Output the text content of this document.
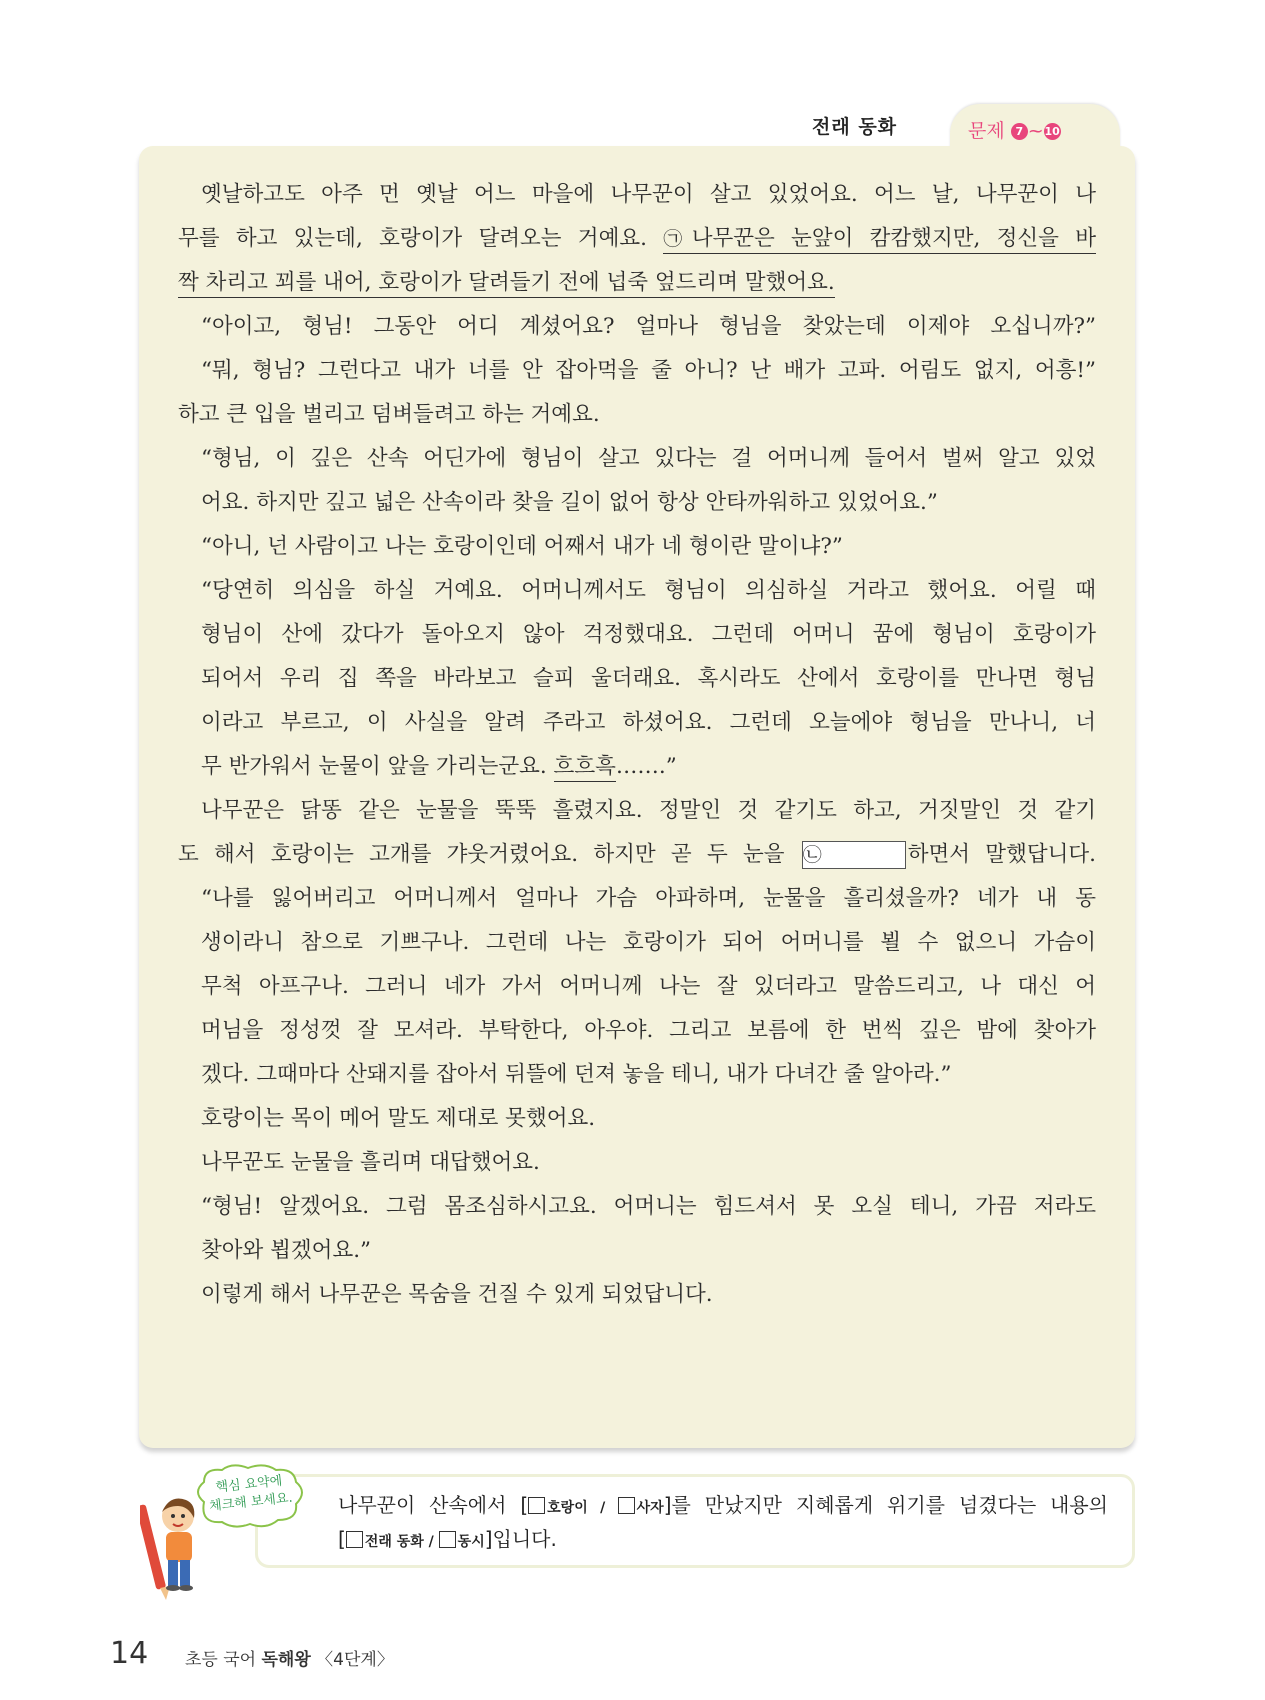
전래 동화	문제 7 ~10
옛날하고도 아주 먼 옛날 어느 마을에 나무꾼이 살고 있었어요. 어느 날, 나무꾼이 나
무를 하고 있는데, 호랑이가 달려오는 거예요. ㉠나무꾼은 눈앞이 캄캄했지만, 정신을 바
짝 차리고 꾀를 내어, 호랑이가 달려들기 전에 넙죽 엎드리며 말했어요.
“아이고, 형님! 그동안 어디 계셨어요? 얼마나 형님을 찾았는데 이제야 오십니까?”
“뭐, 형님? 그런다고 내가 너를 안 잡아먹을 줄 아니? 난 배가 고파. 어림도 없지, 어흥!”
하고 큰 입을 벌리고 덤벼들려고 하는 거예요.
“형님, 이 깊은 산속 어딘가에 형님이 살고 있다는 걸 어머니께 들어서 벌써 알고 있었
어요. 하지만 깊고 넓은 산속이라 찾을 길이 없어 항상 안타까워하고 있었어요.”
“아니, 넌 사람이고 나는 호랑이인데 어째서 내가 네 형이란 말이냐?”
“당연히 의심을 하실 거예요. 어머니께서도 형님이 의심하실 거라고 했어요. 어릴 때
형님이 산에 갔다가 돌아오지 않아 걱정했대요. 그런데 어머니 꿈에 형님이 호랑이가
되어서 우리 집 쪽을 바라보고 슬피 울더래요. 혹시라도 산에서 호랑이를 만나면 형님
이라고 부르고, 이 사실을 알려 주라고 하셨어요. 그런데 오늘에야 형님을 만나니, 너
무 반가워서 눈물이 앞을 가리는군요. 흐흐흑…….”
나무꾼은 닭똥 같은 눈물을 뚝뚝 흘렸지요. 정말인 것 같기도 하고, 거짓말인 것 같기
도 해서 호랑이는 고개를 갸웃거렸어요. 하지만 곧 두 눈을 ㉡	하면서 말했답니다.
“나를 잃어버리고 어머니께서 얼마나 가슴 아파하며, 눈물을 흘리셨을까? 네가 내 동
생이라니 참으로 기쁘구나. 그런데 나는 호랑이가 되어 어머니를 뵐 수 없으니 가슴이
무척 아프구나. 그러니 네가 가서 어머니께 나는 잘 있더라고 말씀드리고, 나 대신 어
머님을 정성껏 잘 모셔라. 부탁한다, 아우야. 그리고 보름에 한 번씩 깊은 밤에 찾아가
겠다. 그때마다 산돼지를 잡아서 뒤뜰에 던져 놓을 테니, 내가 다녀간 줄 알아라.”
호랑이는 목이 메어 말도 제대로 못했어요.
나무꾼도 눈물을 흘리며 대답했어요.
“형님! 알겠어요. 그럼 몸조심하시고요. 어머니는 힘드셔서 못 오실 테니, 가끔 저라도
찾아와 뵙겠어요.”
이렇게 해서 나무꾼은 목숨을 건질 수 있게 되었답니다.
핵심 요약에
체크해 보세요.	나무꾼이 산속에서 [ 호랑이 / 사자]를 만났지만 지혜롭게 위기를 넘겼다는 내용의
[ 전래 동화 / 동시]입니다.
14 초등 국어 독해왕 〈4단계〉
